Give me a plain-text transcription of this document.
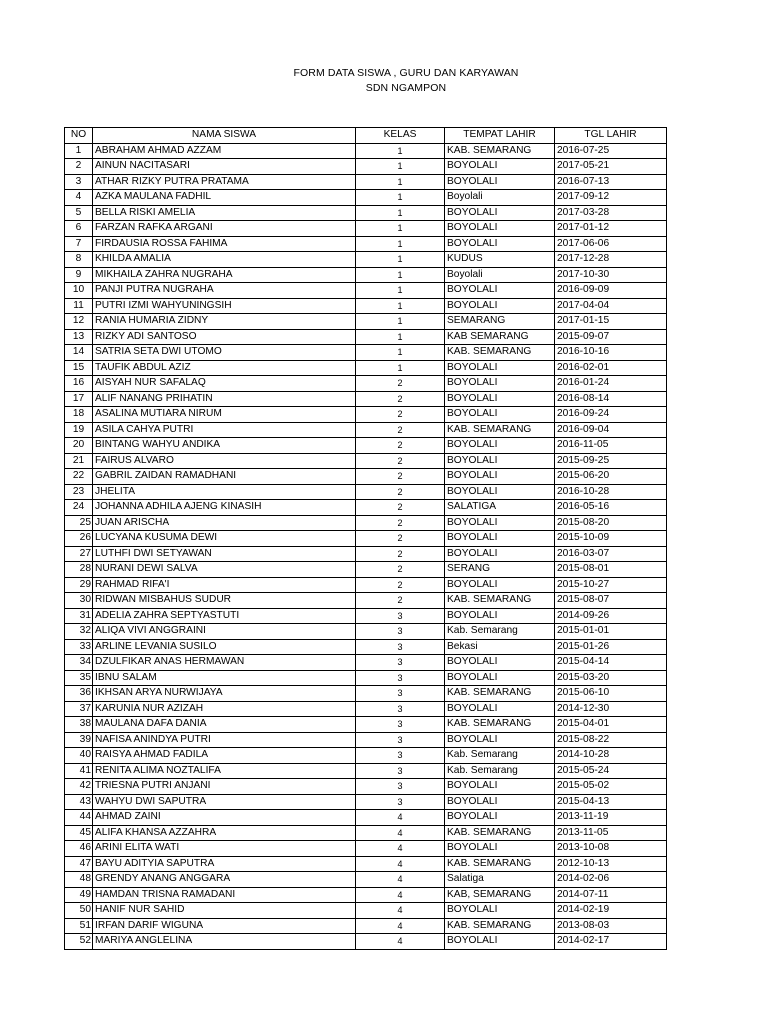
FORM DATA SISWA , GURU DAN KARYAWAN
SDN NGAMPON
NO	NAMA SISWA	KELAS	TEMPAT LAHIR	TGL LAHIR
1	ABRAHAM AHMAD AZZAM	1	KAB. SEMARANG	2016-07-25
2	AINUN NACITASARI	1	BOYOLALI	2017-05-21
3	ATHAR RIZKY PUTRA PRATAMA	1	BOYOLALI	2016-07-13
4	AZKA MAULANA FADHIL	1	Boyolali	2017-09-12
5	BELLA RISKI AMELIA	1	BOYOLALI	2017-03-28
6	FARZAN RAFKA ARGANI	1	BOYOLALI	2017-01-12
7	FIRDAUSIA ROSSA FAHIMA	1	BOYOLALI	2017-06-06
8	KHILDA AMALIA	1	KUDUS	2017-12-28
9	MIKHAILA ZAHRA NUGRAHA	1	Boyolali	2017-10-30
10	PANJI PUTRA NUGRAHA	1	BOYOLALI	2016-09-09
11	PUTRI IZMI WAHYUNINGSIH	1	BOYOLALI	2017-04-04
12	RANIA HUMARIA ZIDNY	1	SEMARANG	2017-01-15
13	RIZKY ADI SANTOSO	1	KAB SEMARANG	2015-09-07
14	SATRIA SETA DWI UTOMO	1	KAB. SEMARANG	2016-10-16
15	TAUFIK ABDUL AZIZ	1	BOYOLALI	2016-02-01
16	AISYAH NUR SAFALAQ	2	BOYOLALI	2016-01-24
17	ALIF NANANG PRIHATIN	2	BOYOLALI	2016-08-14
18	ASALINA MUTIARA NIRUM	2	BOYOLALI	2016-09-24
19	ASILA CAHYA PUTRI	2	KAB. SEMARANG	2016-09-04
20	BINTANG WAHYU ANDIKA	2	BOYOLALI	2016-11-05
21	FAIRUS ALVARO	2	BOYOLALI	2015-09-25
22	GABRIL ZAIDAN RAMADHANI	2	BOYOLALI	2015-06-20
23	JHELITA	2	BOYOLALI	2016-10-28
24	JOHANNA ADHILA AJENG KINASIH	2	SALATIGA	2016-05-16
25	JUAN ARISCHA	2	BOYOLALI	2015-08-20
26	LUCYANA KUSUMA DEWI	2	BOYOLALI	2015-10-09
27	LUTHFI DWI SETYAWAN	2	BOYOLALI	2016-03-07
28	NURANI DEWI SALVA	2	SERANG	2015-08-01
29	RAHMAD RIFA'I	2	BOYOLALI	2015-10-27
30	RIDWAN MISBAHUS SUDUR	2	KAB. SEMARANG	2015-08-07
31	ADELIA ZAHRA SEPTYASTUTI	3	BOYOLALI	2014-09-26
32	ALIQA VIVI ANGGRAINI	3	Kab. Semarang	2015-01-01
33	ARLINE LEVANIA SUSILO	3	Bekasi	2015-01-26
34	DZULFIKAR ANAS HERMAWAN	3	BOYOLALI	2015-04-14
35	IBNU SALAM	3	BOYOLALI	2015-03-20
36	IKHSAN ARYA NURWIJAYA	3	KAB. SEMARANG	2015-06-10
37	KARUNIA NUR AZIZAH	3	BOYOLALI	2014-12-30
38	MAULANA DAFA DANIA	3	KAB. SEMARANG	2015-04-01
39	NAFISA ANINDYA PUTRI	3	BOYOLALI	2015-08-22
40	RAISYA AHMAD FADILA	3	Kab. Semarang	2014-10-28
41	RENITA ALIMA NOZTALIFA	3	Kab. Semarang	2015-05-24
42	TRIESNA PUTRI ANJANI	3	BOYOLALI	2015-05-02
43	WAHYU DWI SAPUTRA	3	BOYOLALI	2015-04-13
44	AHMAD ZAINI	4	BOYOLALI	2013-11-19
45	ALIFA KHANSA AZZAHRA	4	KAB. SEMARANG	2013-11-05
46	ARINI ELITA WATI	4	BOYOLALI	2013-10-08
47	BAYU ADITYIA SAPUTRA	4	KAB. SEMARANG	2012-10-13
48	GRENDY ANANG ANGGARA	4	Salatiga	2014-02-06
49	HAMDAN TRISNA RAMADANI	4	KAB, SEMARANG	2014-07-11
50	HANIF NUR SAHID	4	BOYOLALI	2014-02-19
51	IRFAN DARIF WIGUNA	4	KAB. SEMARANG	2013-08-03
52	MARIYA ANGLELINA	4	BOYOLALI	2014-02-17
